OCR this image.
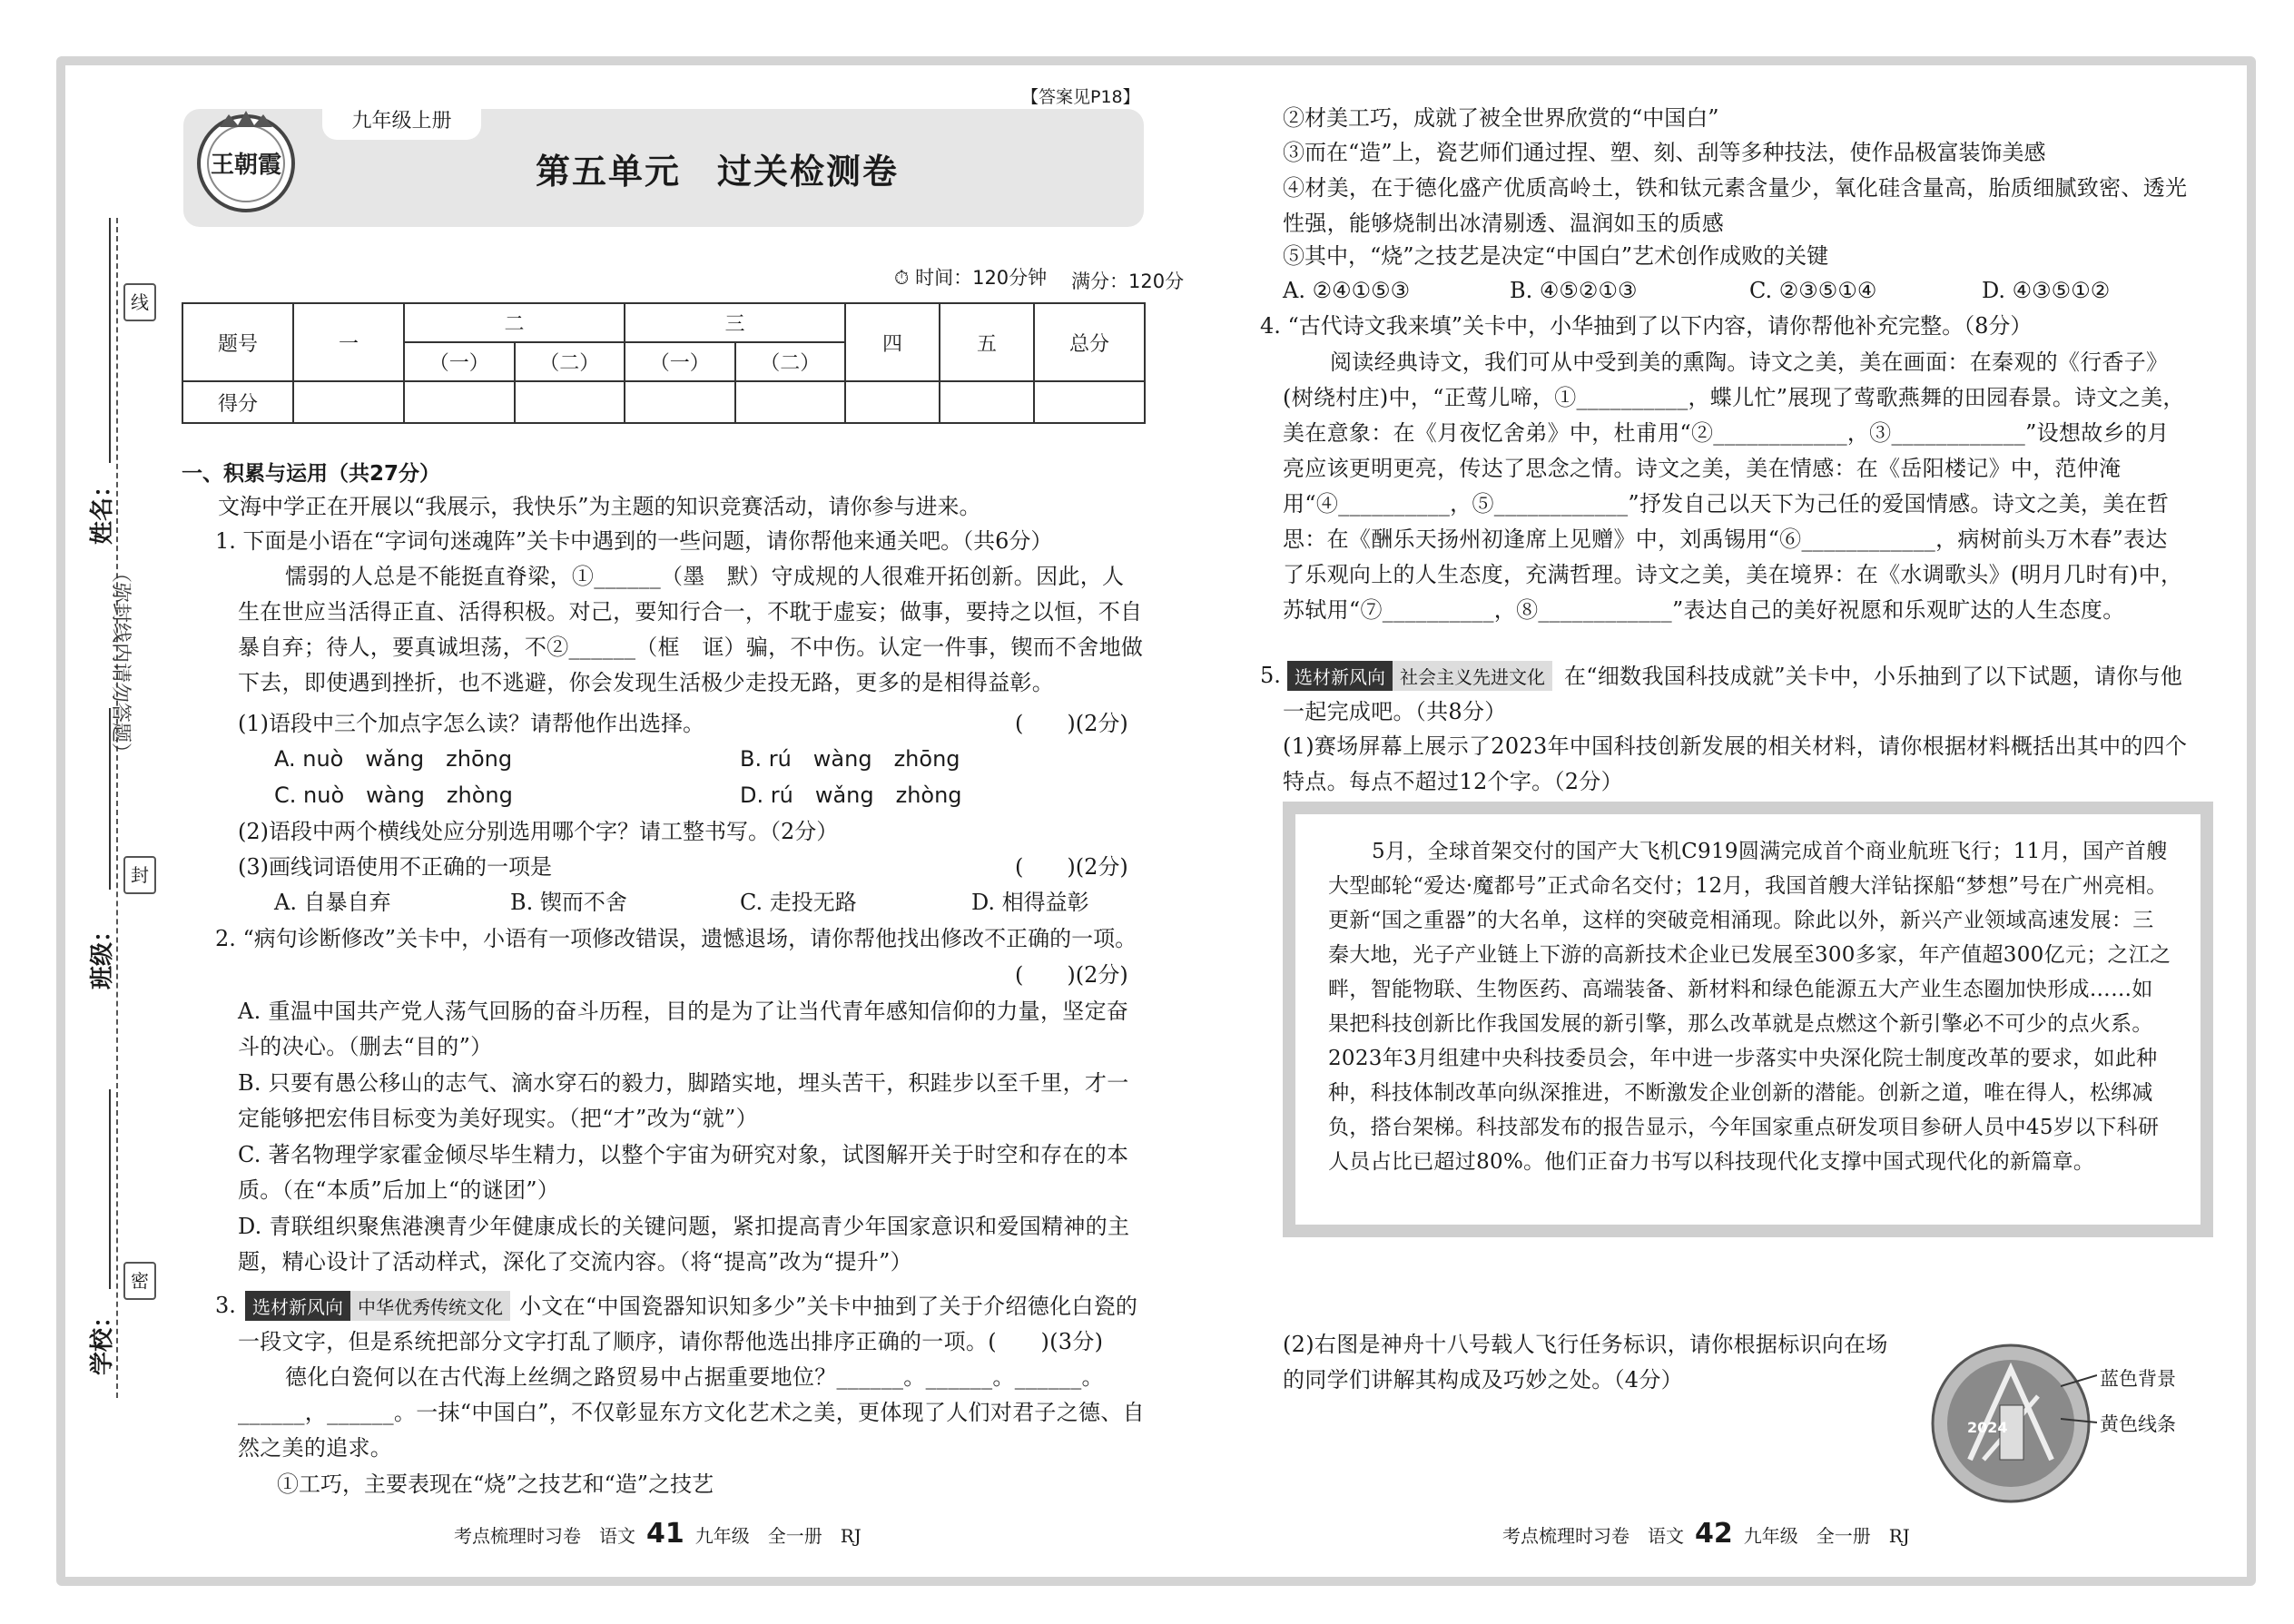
线
封
密
姓名：
班级：
学校：
（弥封线内请勿答题）
王朝霞
九年级上册
第五单元　过关检测卷
【答案见P18】
⏱ 时间：120分钟 满分：120分
题号	一	二		三		四	五	总分
		（一）	（二）	（一）	（二）			
得分								
一、积累与运用（共27分）
文海中学正在开展以“我展示，我快乐”为主题的知识竞赛活动，请你参与进来。
1. 下面是小语在“字词句迷魂阵”关卡中遇到的一些问题，请你帮他来通关吧。（共6分）
懦弱的人总是不能挺直脊梁，①______（墨　默）守成规的人很难开拓创新。因此，人生在世应当活得正直、活得积极。对己，要知行合一，不耽于虚妄；做事，要持之以恒，不自暴自弃；待人，要真诚坦荡，不②______（框　诓）骗，不中伤。认定一件事，锲而不舍地做下去，即使遇到挫折，也不逃避，你会发现生活极少走投无路，更多的是相得益彰。
(1)语段中三个加点字怎么读？请帮他作出选择。	(　　)(2分)
A. nuò　wǎng　zhōng	B. rú　wàng　zhōng
C. nuò　wàng　zhòng	D. rú　wǎng　zhòng
(2)语段中两个横线处应分别选用哪个字？请工整书写。（2分）
(3)画线词语使用不正确的一项是	(　　)(2分)
A. 自暴自弃	B. 锲而不舍	C. 走投无路	D. 相得益彰
2. “病句诊断修改”关卡中，小语有一项修改错误，遗憾退场，请你帮他找出修改不正确的一项。
(　　)(2分)
A. 重温中国共产党人荡气回肠的奋斗历程，目的是为了让当代青年感知信仰的力量，坚定奋斗的决心。（删去“目的”）
B. 只要有愚公移山的志气、滴水穿石的毅力，脚踏实地，埋头苦干，积跬步以至千里，才一定能够把宏伟目标变为美好现实。（把“才”改为“就”）
C. 著名物理学家霍金倾尽毕生精力，以整个宇宙为研究对象，试图解开关于时空和存在的本质。（在“本质”后加上“的谜团”）
D. 青联组织聚焦港澳青少年健康成长的关键问题，紧扣提高青少年国家意识和爱国精神的主题，精心设计了活动样式，深化了交流内容。（将“提高”改为“提升”）
3. 选材新风向 中华优秀传统文化 小文在“中国瓷器知识知多少”关卡中抽到了关于介绍德化白瓷的一段文字，但是系统把部分文字打乱了顺序，请你帮他选出排序正确的一项。(　　)(3分)
德化白瓷何以在古代海上丝绸之路贸易中占据重要地位？______。______。______。______，______。一抹“中国白”，不仅彰显东方文化艺术之美，更体现了人们对君子之德、自然之美的追求。
①工巧，主要表现在“烧”之技艺和“造”之技艺
②材美工巧，成就了被全世界欣赏的“中国白”
③而在“造”上，瓷艺师们通过捏、塑、刻、刮等多种技法，使作品极富装饰美感
④材美，在于德化盛产优质高岭土，铁和钛元素含量少，氧化硅含量高，胎质细腻致密、透光性强，能够烧制出冰清剔透、温润如玉的质感
⑤其中，“烧”之技艺是决定“中国白”艺术创作成败的关键
A. ②④①⑤③	B. ④⑤②①③	C. ②③⑤①④	D. ④③⑤①②
4. “古代诗文我来填”关卡中，小华抽到了以下内容，请你帮他补充完整。（8分）
阅读经典诗文，我们可从中受到美的熏陶。诗文之美，美在画面：在秦观的《行香子》(树绕村庄)中，“正莺儿啼，①__________，蝶儿忙”展现了莺歌燕舞的田园春景。诗文之美，美在意象：在《月夜忆舍弟》中，杜甫用“②____________，③____________”设想故乡的月亮应该更明更亮，传达了思念之情。诗文之美，美在情感：在《岳阳楼记》中，范仲淹用“④__________，⑤____________”抒发自己以天下为己任的爱国情感。诗文之美，美在哲思：在《酬乐天扬州初逢席上见赠》中，刘禹锡用“⑥____________，病树前头万木春”表达了乐观向上的人生态度，充满哲理。诗文之美，美在境界：在《水调歌头》(明月几时有)中，苏轼用“⑦__________，⑧____________”表达自己的美好祝愿和乐观旷达的人生态度。
5. 选材新风向 社会主义先进文化 在“细数我国科技成就”关卡中，小乐抽到了以下试题，请你与他一起完成吧。（共8分）
(1)赛场屏幕上展示了2023年中国科技创新发展的相关材料，请你根据材料概括出其中的四个特点。每点不超过12个字。（2分）
5月，全球首架交付的国产大飞机C919圆满完成首个商业航班飞行；11月，国产首艘大型邮轮“爱达·魔都号”正式命名交付；12月，我国首艘大洋钻探船“梦想”号在广州亮相。更新“国之重器”的大名单，这样的突破竞相涌现。除此以外，新兴产业领域高速发展：三秦大地，光子产业链上下游的高新技术企业已发展至300多家，年产值超300亿元；之江之畔，智能物联、生物医药、高端装备、新材料和绿色能源五大产业生态圈加快形成……如果把科技创新比作我国发展的新引擎，那么改革就是点燃这个新引擎必不可少的点火系。2023年3月组建中央科技委员会，年中进一步落实中央深化院士制度改革的要求，如此种种，科技体制改革向纵深推进，不断激发企业创新的潜能。创新之道，唯在得人，松绑减负，搭台架梯。科技部发布的报告显示，今年国家重点研发项目参研人员中45岁以下科研人员占比已超过80%。他们正奋力书写以科技现代化支撑中国式现代化的新篇章。
(2)右图是神舟十八号载人飞行任务标识，请你根据标识向在场的同学们讲解其构成及巧妙之处。（4分）
2024
蓝色背景
黄色线条
考点梳理时习卷　语文 41 九年级　全一册　RJ	考点梳理时习卷　语文 42 九年级　全一册　RJ
